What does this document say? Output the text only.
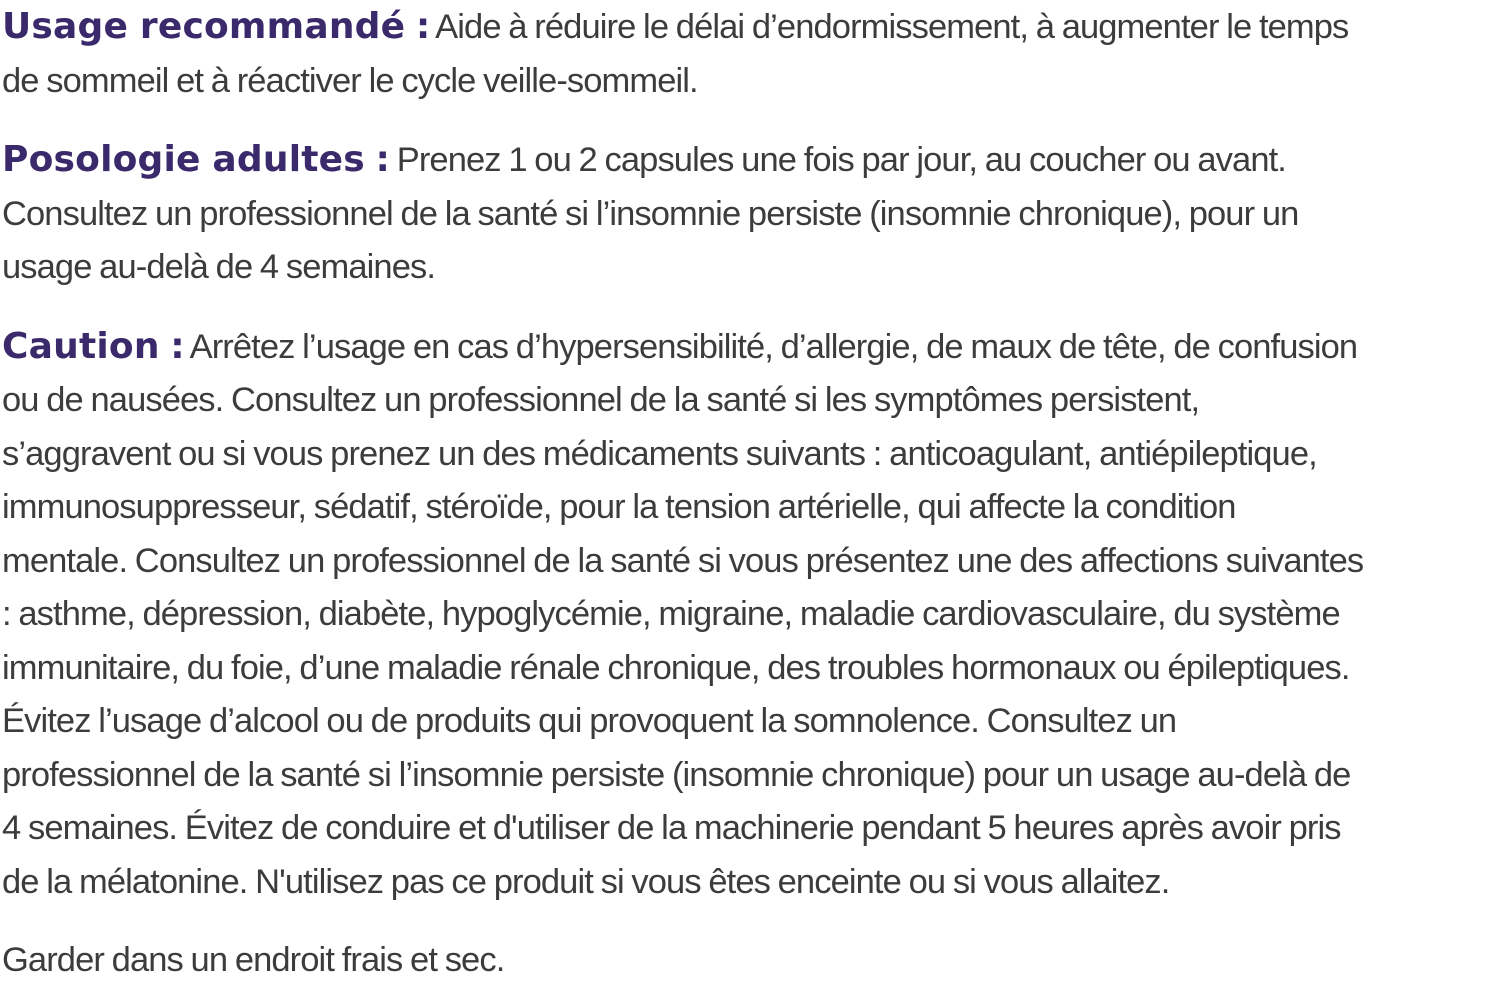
Usage recommandé : Aide à réduire le délai d’endormissement, à augmenter le temps
de sommeil et à réactiver le cycle veille-sommeil.

Posologie adultes : Prenez 1 ou 2 capsules une fois par jour, au coucher ou avant.
Consultez un professionnel de la santé si l’insomnie persiste (insomnie chronique), pour un
usage au-delà de 4 semaines.

Caution : Arrêtez l’usage en cas d’hypersensibilité, d’allergie, de maux de tête, de confusion
ou de nausées. Consultez un professionnel de la santé si les symptômes persistent,
s’aggravent ou si vous prenez un des médicaments suivants : anticoagulant, antiépileptique,
immunosuppresseur, sédatif, stéroïde, pour la tension artérielle, qui affecte la condition
mentale. Consultez un professionnel de la santé si vous présentez une des affections suivantes
: asthme, dépression, diabète, hypoglycémie, migraine, maladie cardiovasculaire, du système
immunitaire, du foie, d’une maladie rénale chronique, des troubles hormonaux ou épileptiques.
Évitez l’usage d’alcool ou de produits qui provoquent la somnolence. Consultez un
professionnel de la santé si l’insomnie persiste (insomnie chronique) pour un usage au-delà de
4 semaines. Évitez de conduire et d'utiliser de la machinerie pendant 5 heures après avoir pris
de la mélatonine. N'utilisez pas ce produit si vous êtes enceinte ou si vous allaitez.

Garder dans un endroit frais et sec.
